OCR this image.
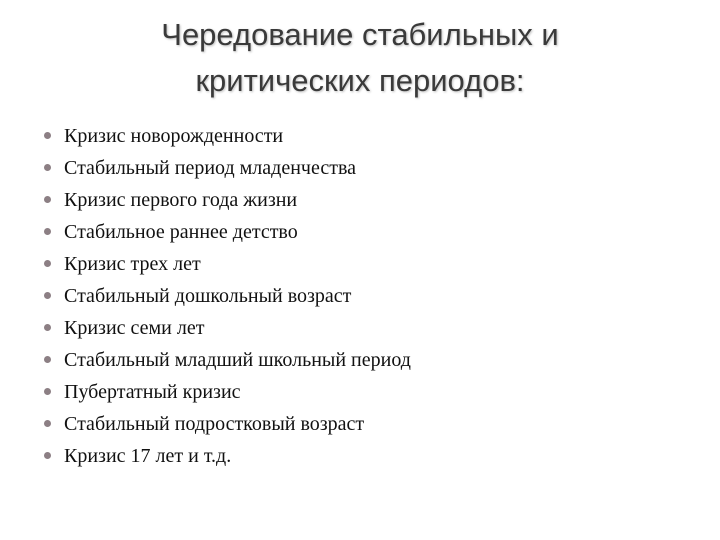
Чередование стабильных и
критических периодов:
Кризис новорожденности
Стабильный период младенчества
Кризис первого года жизни
Стабильное раннее детство
Кризис трех лет
Стабильный дошкольный возраст
Кризис семи лет
Стабильный младший школьный период
Пубертатный кризис
Стабильный подростковый возраст
Кризис 17 лет и т.д.
